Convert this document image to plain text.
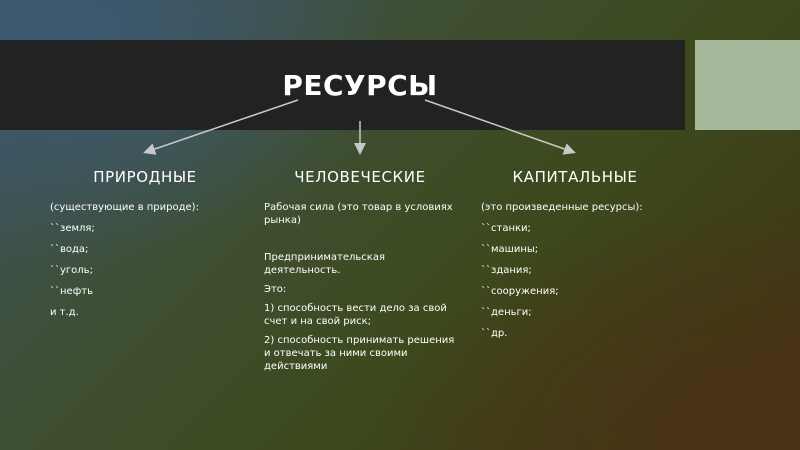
РЕСУРСЫ
ПРИРОДНЫЕ	ЧЕЛОВЕЧЕСКИЕ	КАПИТАЛЬНЫЕ

(существующие в природе):

``земля;

``вода;

``уголь;

``нефть

и т.д.

Рабочая сила (это товар в условиях рынка)

Предпринимательская деятельность.

Это:

1) способность вести дело за свой счет и на свой риск;

2) способность принимать решения и отвечать за ними своими действиями

(это произведенные ресурсы):

``станки;

``машины;

``здания;

``сооружения;

``деньги;

``др.
